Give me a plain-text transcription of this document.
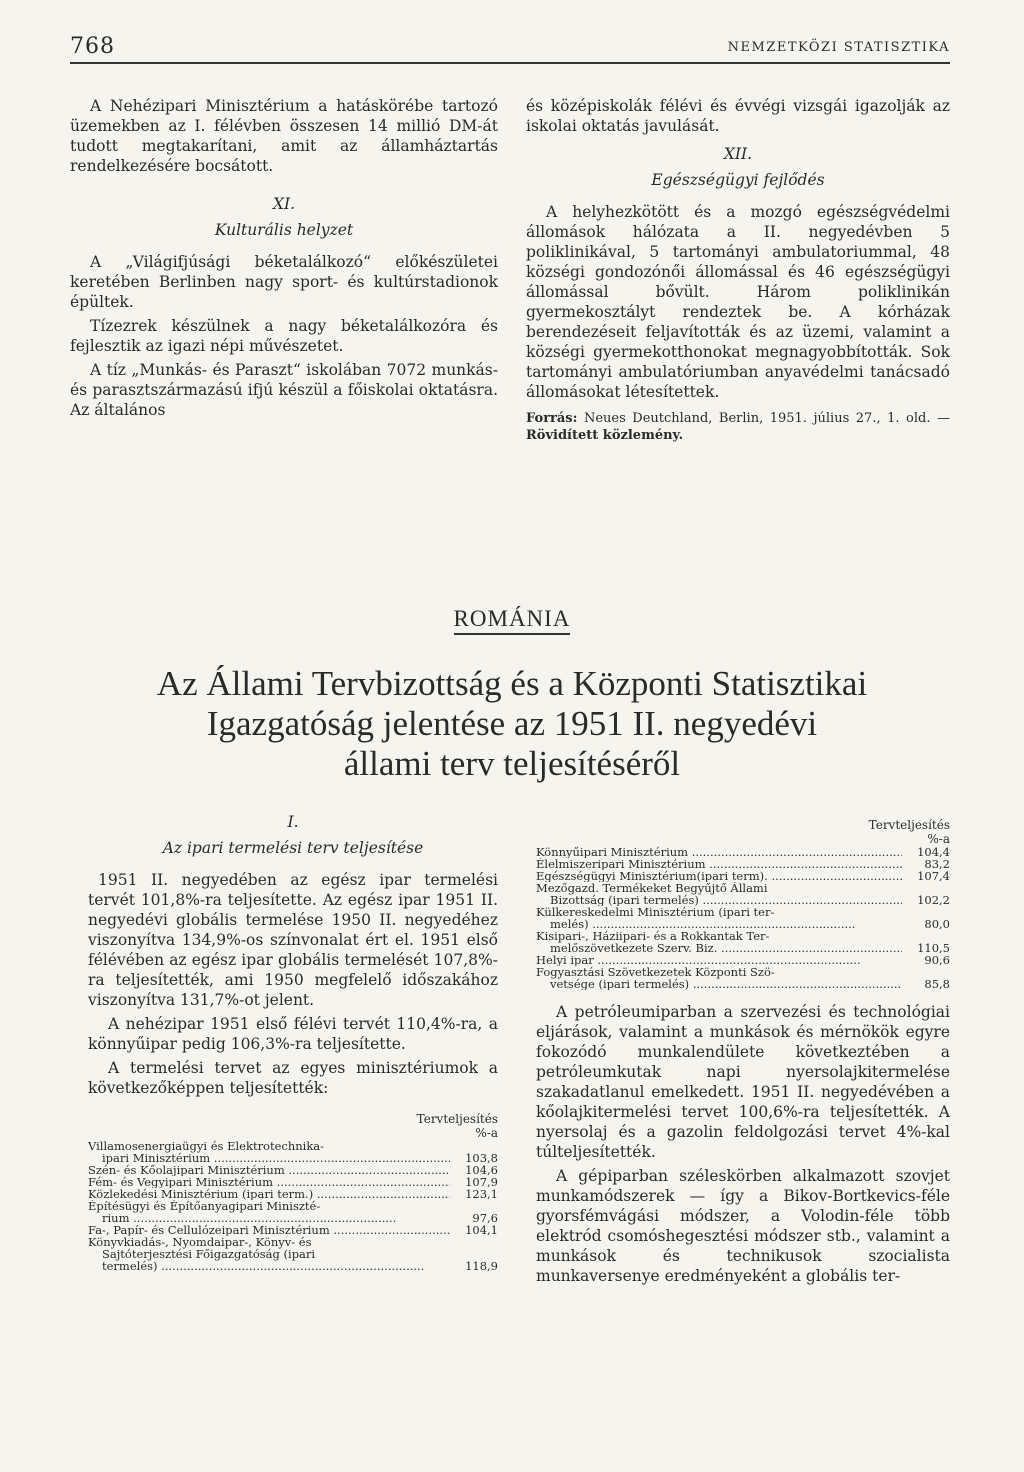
768	NEMZETKÖZI STATISZTIKA

A Nehézipari Minisztérium a hatáskörébe tartozó üzemekben az I. félévben összesen 14 millió DM-át tudott megtakarítani, amit az államháztartás rendelkezésére bocsátott.

XI.
Kulturális helyzet

A „Világifjúsági béketalálkozó“ előkészületei keretében Berlinben nagy sport- és kultúrstadionok épültek.

Tízezrek készülnek a nagy béketalálkozóra és fejlesztik az igazi népi művészetet.

A tíz „Munkás- és Paraszt“ iskolában 7072 munkás- és parasztszármazású ifjú készül a főiskolai oktatásra. Az általános

és középiskolák félévi és évvégi vizsgái igazolják az iskolai oktatás javulását.

XII.
Egészségügyi fejlődés

A helyhezkötött és a mozgó egészségvédelmi állomások hálózata a II. negyedévben 5 poliklinikával, 5 tartományi ambulatoriummal, 48 községi gondozónői állomással és 46 egészségügyi állomással bővült. Három poliklinikán gyermekosztályt rendeztek be. A kórházak berendezéseit feljavították és az üzemi, valamint a községi gyermekotthonokat megnagyobbították. Sok tartományi ambulatóriumban anyavédelmi tanácsadó állomásokat létesítettek.

Forrás: Neues Deutchland, Berlin, 1951. július 27., 1. old. — Rövidített közlemény.
ROMÁNIA
Az Állami Tervbizottság és a Központi Statisztikai
Igazgatóság jelentése az 1951 II. negyedévi
állami terv teljesítéséről
I.
Az ipari termelési terv teljesítése

1951 II. negyedében az egész ipar termelési tervét 101,8%-ra teljesítette. Az egész ipar 1951 II. negyedévi globális termelése 1950 II. negyedéhez viszonyítva 134,9%-os színvonalat ért el. 1951 első félévében az egész ipar globális termelését 107,8%-ra teljesítették, ami 1950 megfelelő időszakához viszonyítva 131,7%-ot jelent.

A nehézipar 1951 első félévi tervét 110,4%-ra, a könnyűipar pedig 106,3%-ra teljesítette.

A termelési tervet az egyes minisztériumok a következőképpen teljesítették:

Tervteljesítés
%-a
Villamosenergiaügyi és Elektrotechnika-
ipari Minisztérium .....	103,8
Szén- és Kőolajipari Minisztérium .....	104,6
Fém- és Vegyipari Minisztérium .....	107,9
Közlekedési Minisztérium (ipari term.) .....	123,1
Építésügyi és Építőanyagipari Miniszté-
rium .....	97,6
Fa-, Papír- és Cellulózeipari Minisztérium .....	104,1
Könyvkiadás-, Nyomdaipar-, Könyv- és
Sajtóterjesztési Főigazgatóság (ipari
termelés) .....	118,9
Tervteljesítés
%-a
Könnyűipari Minisztérium .....	104,4
Élelmiszeripari Minisztérium .....	83,2
Egészségügyi Minisztérium(ipari term). .....	107,4
Mezőgazd. Termékeket Begyűjtő Állami
Bizottság (ipari termelés) .....	102,2
Külkereskedelmi Minisztérium (ipari ter-
melés) .....	80,0
Kisipari-, Háziipari- és a Rokkantak Ter-
melőszövetkezete Szerv. Biz. .....	110,5
Helyi ipar .....	90,6
Fogyasztási Szövetkezetek Központi Szö-
vetsége (ipari termelés) .....	85,8

A petróleumiparban a szervezési és technológiai eljárások, valamint a munkások és mérnökök egyre fokozódó munkalendülete következtében a petróleumkutak napi nyersolajkitermelése szakadatlanul emelkedett. 1951 II. negyedévében a kőolajkitermelési tervet 100,6%-ra teljesítették. A nyersolaj és a gazolin feldolgozási tervet 4%-kal túlteljesítették.

A gépiparban széleskörben alkalmazott szovjet munkamódszerek — így a Bikov-Bortkevics-féle gyorsfémvágási módszer, a Volodin-féle több elektród csomóshegesztési módszer stb., valamint a munkások és technikusok szocialista munkaversenye eredményeként a globális ter-
